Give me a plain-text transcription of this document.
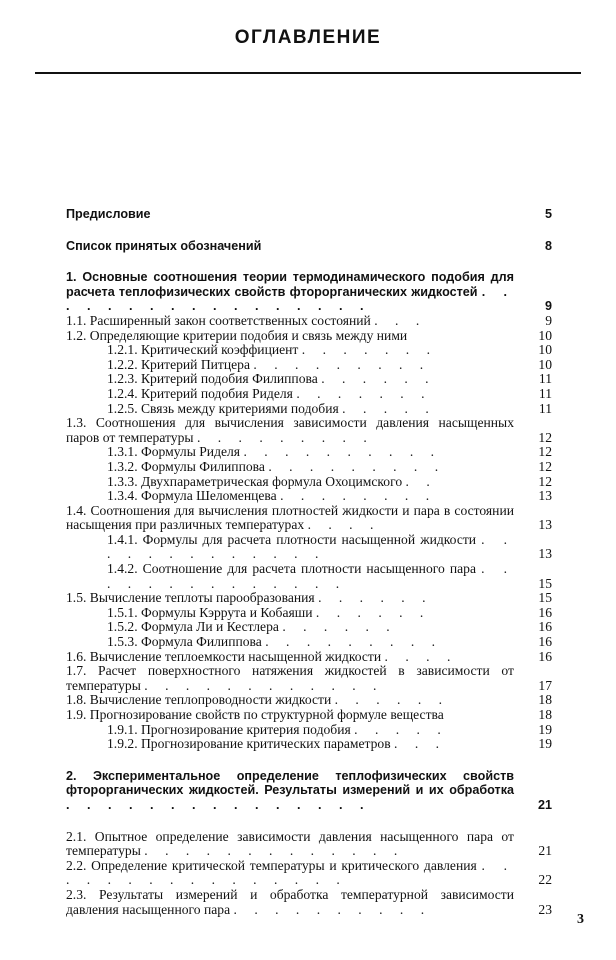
ОГЛАВЛЕНИЕ
Предисловие	5
Список принятых обозначений	8
1. Основные соотношения теории термодинамического подобия для расчета теплофизических свойств фторорганических жидкостей . . . . . . . . . . . . . . . . .	9
1.1. Расширенный закон соответственных состояний . . .	9
1.2. Определяющие критерии подобия и связь между ними	10
1.2.1. Критический коэффициент . . . . . . .	10
1.2.2. Критерий Питцера . . . . . . . . .	10
1.2.3. Критерий подобия Филиппова . . . . . .	11
1.2.4. Критерий подобия Риделя . . . . . . .	11
1.2.5. Связь между критериями подобия . . . . .	11
1.3. Соотношения для вычисления зависимости давления насыщенных паров от температуры . . . . . . . . .	12
1.3.1. Формулы Риделя . . . . . . . . . .	12
1.3.2. Формулы Филиппова . . . . . . . . .	12
1.3.3. Двухпараметрическая формула Охоцимского . .	12
1.3.4. Формула Шеломенцева . . . . . . . .	13
1.4. Соотношения для вычисления плотностей жидкости и пара в состоянии насыщения при различных температурах . . . .	13
1.4.1. Формулы для расчета плотности насыщенной жидкости . . . . . . . . . . . . .	13
1.4.2. Соотношение для расчета плотности насыщенного пара . . . . . . . . . . . . . .	15
1.5. Вычисление теплоты парообразования . . . . . .	15
1.5.1. Формулы Кэррута и Кобаяши . . . . . .	16
1.5.2. Формула Ли и Кестлера . . . . . .	16
1.5.3. Формула Филиппова . . . . . . . . .	16
1.6. Вычисление теплоемкости насыщенной жидкости . . . .	16
1.7. Расчет поверхностного натяжения жидкостей в зависимости от температуры . . . . . . . . . . . .	17
1.8. Вычисление теплопроводности жидкости . . . . . .	18
1.9. Прогнозирование свойств по структурной формуле вещества	18
1.9.1. Прогнозирование критерия подобия . . . . .	19
1.9.2. Прогнозирование критических параметров . . .	19
2. Экспериментальное определение теплофизических свойств фторорганических жидкостей. Результаты измерений и их обработка . . . . . . . . . . . . . . .	21
2.1. Опытное определение зависимости давления насыщенного пара от температуры . . . . . . . . . . . . .	21
2.2. Определение критической температуры и критического давления . . . . . . . . . . . . . . . .	22
2.3. Результаты измерений и обработка температурной зависимости давления насыщенного пара . . . . . . . . . .	23
3
